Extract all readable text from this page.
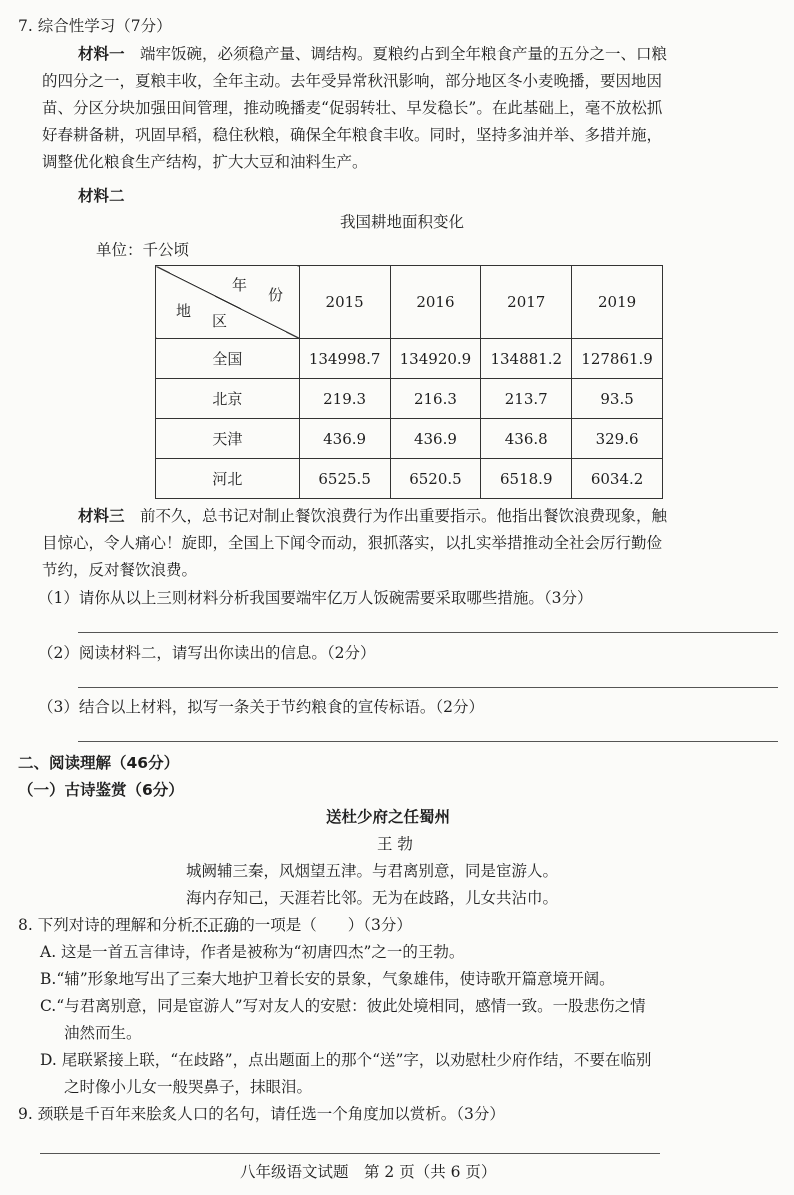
7. 综合性学习（7分）
材料一　 端牢饭碗，必须稳产量、调结构。夏粮约占到全年粮食产量的五分之一、口粮
的四分之一，夏粮丰收，全年主动。去年受异常秋汛影响，部分地区冬小麦晚播，要因地因
苗、分区分块加强田间管理，推动晚播麦“促弱转壮、早发稳长”。在此基础上，毫不放松抓
好春耕备耕，巩固早稻，稳住秋粮，确保全年粮食丰收。同时，坚持多油并举、多措并施，
调整优化粮食生产结构，扩大大豆和油料生产。
材料二
我国耕地面积变化
单位：千公顷
年
份
地
区	2015	2016	2017	2019
全国	134998.7	134920.9	134881.2	127861.9
北京	219.3	216.3	213.7	93.5
天津	436.9	436.9	436.8	329.6
河北	6525.5	6520.5	6518.9	6034.2
材料三　 前不久，总书记对制止餐饮浪费行为作出重要指示。他指出餐饮浪费现象，触
目惊心，令人痛心！旋即，全国上下闻令而动，狠抓落实，以扎实举措推动全社会厉行勤俭
节约，反对餐饮浪费。
（1）请你从以上三则材料分析我国要端牢亿万人饭碗需要采取哪些措施。（3分）
（2）阅读材料二，请写出你读出的信息。（2分）
（3）结合以上材料，拟写一条关于节约粮食的宣传标语。（2分）
二、阅读理解（46分）
（一）古诗鉴赏（6分）
送杜少府之任蜀州
王 勃
城阙辅三秦，风烟望五津。与君离别意，同是宦游人。
海内存知己，天涯若比邻。无为在歧路，儿女共沾巾。
8. 下列对诗的理解和分析不正确的一项是（　　）（3分）
A. 这是一首五言律诗，作者是被称为“初唐四杰”之一的王勃。
B.“辅”形象地写出了三秦大地护卫着长安的景象，气象雄伟，使诗歌开篇意境开阔。
C.“与君离别意，同是宦游人”写对友人的安慰：彼此处境相同，感情一致。一股悲伤之情
油然而生。
D. 尾联紧接上联，“在歧路”，点出题面上的那个“送”字，以劝慰杜少府作结，不要在临别
之时像小儿女一般哭鼻子，抹眼泪。
9. 颈联是千百年来脍炙人口的名句，请任选一个角度加以赏析。（3分）
八年级语文试题　第 2 页（共 6 页）
